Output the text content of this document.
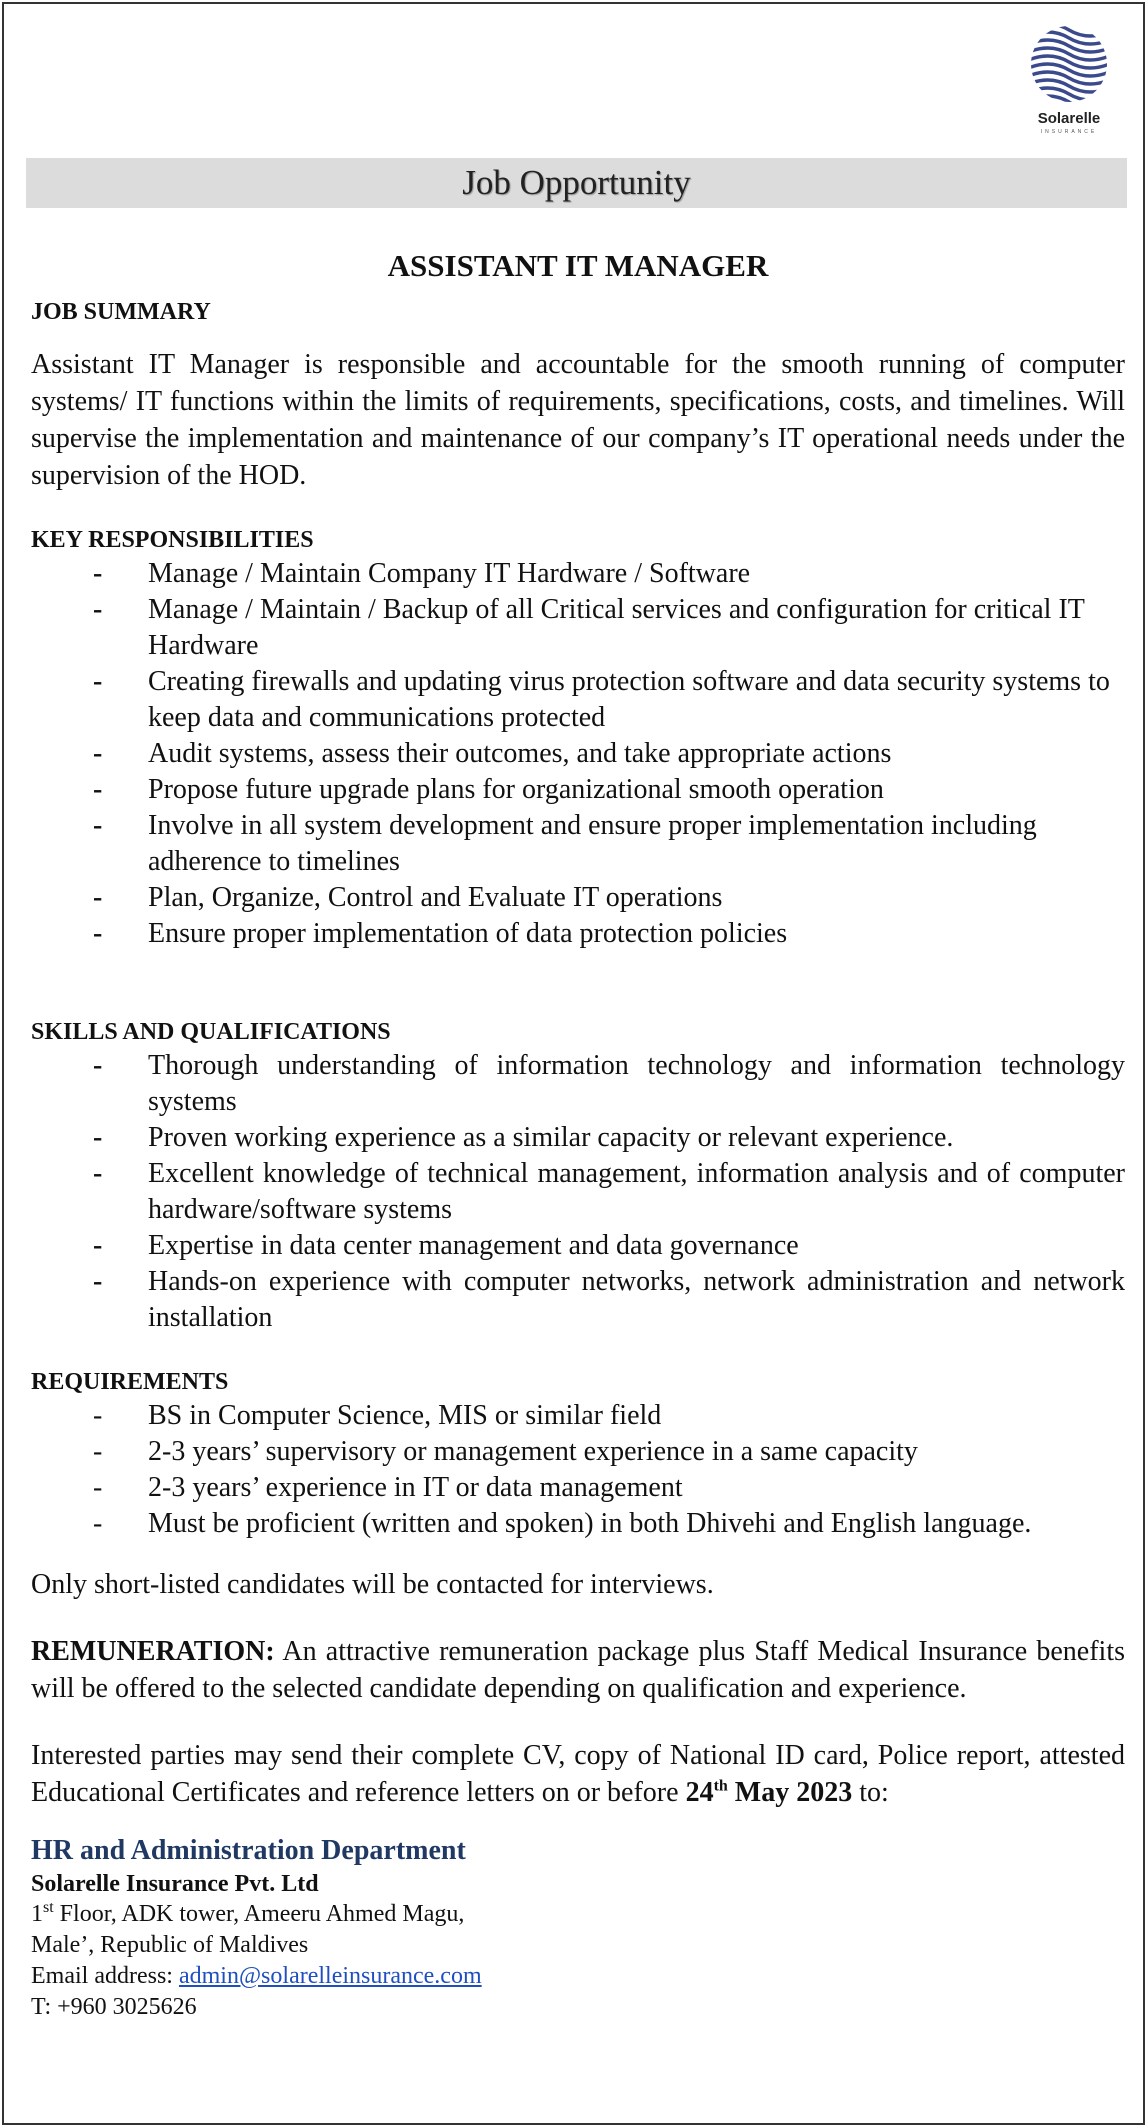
Solarelle
INSURANCE
Job Opportunity
ASSISTANT IT MANAGER
JOB SUMMARY

Assistant IT Manager is responsible and accountable for the smooth running of computer systems/ IT functions within the limits of requirements, specifications, costs, and timelines. Will supervise the implementation and maintenance of our company’s IT operational needs under the supervision of the HOD.

KEY RESPONSIBILITIES
- Manage / Maintain Company IT Hardware / Software
- Manage / Maintain / Backup of all Critical services and configuration for critical IT Hardware
- Creating firewalls and updating virus protection software and data security systems to keep data and communications protected
- Audit systems, assess their outcomes, and take appropriate actions
- Propose future upgrade plans for organizational smooth operation
- Involve in all system development and ensure proper implementation including adherence to timelines
- Plan, Organize, Control and Evaluate IT operations
- Ensure proper implementation of data protection policies
SKILLS AND QUALIFICATIONS
- Thorough understanding of information technology and information technology systems
- Proven working experience as a similar capacity or relevant experience.
- Excellent knowledge of technical management, information analysis and of computer hardware/software systems
- Expertise in data center management and data governance
- Hands-on experience with computer networks, network administration and network installation
REQUIREMENTS
- BS in Computer Science, MIS or similar field
- 2-3 years’ supervisory or management experience in a same capacity
- 2-3 years’ experience in IT or data management
- Must be proficient (written and spoken) in both Dhivehi and English language.

Only short-listed candidates will be contacted for interviews.

REMUNERATION: An attractive remuneration package plus Staff Medical Insurance benefits will be offered to the selected candidate depending on qualification and experience.

Interested parties may send their complete CV, copy of National ID card, Police report, attested Educational Certificates and reference letters on or before 24th May 2023 to:

HR and Administration Department

Solarelle Insurance Pvt. Ltd

1st Floor, ADK tower, Ameeru Ahmed Magu,

Male’, Republic of Maldives

Email address: admin@solarelleinsurance.com

T: +960 3025626
